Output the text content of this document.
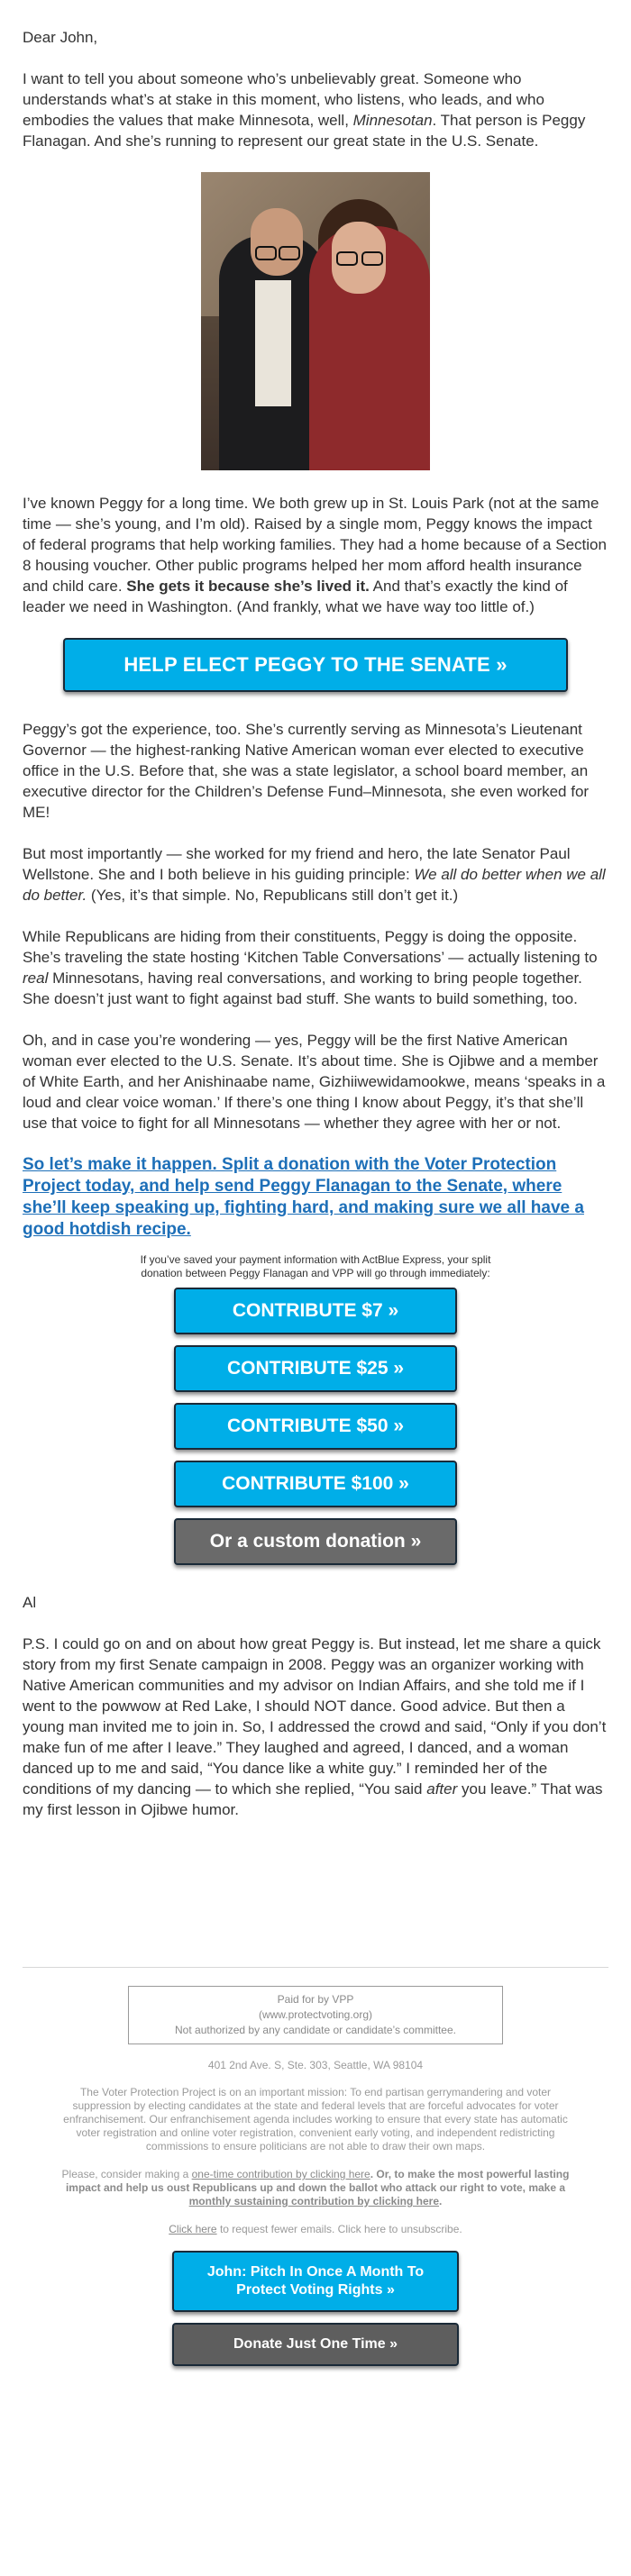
Dear John,

I want to tell you about someone who’s unbelievably great. Someone who understands what’s at stake in this moment, who listens, who leads, and who embodies the values that make Minnesota, well, Minnesotan. That person is Peggy Flanagan. And she’s running to represent our great state in the U.S. Senate.

I’ve known Peggy for a long time. We both grew up in St. Louis Park (not at the same time — she’s young, and I’m old). Raised by a single mom, Peggy knows the impact of federal programs that help working families. They had a home because of a Section 8 housing voucher. Other public programs helped her mom afford health insurance and child care. She gets it because she’s lived it. And that’s exactly the kind of leader we need in Washington. (And frankly, what we have way too little of.)

HELP ELECT PEGGY TO THE SENATE »

Peggy’s got the experience, too. She’s currently serving as Minnesota’s Lieutenant Governor — the highest-ranking Native American woman ever elected to executive office in the U.S. Before that, she was a state legislator, a school board member, an executive director for the Children’s Defense Fund–Minnesota, she even worked for ME!

But most importantly — she worked for my friend and hero, the late Senator Paul Wellstone. She and I both believe in his guiding principle: We all do better when we all do better. (Yes, it’s that simple. No, Republicans still don’t get it.)

While Republicans are hiding from their constituents, Peggy is doing the opposite. She’s traveling the state hosting ‘Kitchen Table Conversations’ — actually listening to real Minnesotans, having real conversations, and working to bring people together. She doesn’t just want to fight against bad stuff. She wants to build something, too.

Oh, and in case you’re wondering — yes, Peggy will be the first Native American woman ever elected to the U.S. Senate. It’s about time. She is Ojibwe and a member of White Earth, and her Anishinaabe name, Gizhiiwewidamookwe, means ‘speaks in a loud and clear voice woman.’ If there’s one thing I know about Peggy, it’s that she’ll use that voice to fight for all Minnesotans — whether they agree with her or not.

So let’s make it happen. Split a donation with the Voter Protection Project today, and help send Peggy Flanagan to the Senate, where she’ll keep speaking up, fighting hard, and making sure we all have a good hotdish recipe.

If you’ve saved your payment information with ActBlue Express, your split donation between Peggy Flanagan and VPP will go through immediately:
CONTRIBUTE $7 »
CONTRIBUTE $25 »
CONTRIBUTE $50 »
CONTRIBUTE $100 »
Or a custom donation »

Al

P.S. I could go on and on about how great Peggy is. But instead, let me share a quick story from my first Senate campaign in 2008. Peggy was an organizer working with Native American communities and my advisor on Indian Affairs, and she told me if I went to the powwow at Red Lake, I should NOT dance. Good advice. But then a young man invited me to join in. So, I addressed the crowd and said, “Only if you don’t make fun of me after I leave.” They laughed and agreed, I danced, and a woman danced up to me and said, “You dance like a white guy.” I reminded her of the conditions of my dancing — to which she replied, “You said after you leave.” That was my first lesson in Ojibwe humor.

Paid for by VPP
(www.protectvoting.org)
Not authorized by any candidate or candidate’s committee.
401 2nd Ave. S, Ste. 303, Seattle, WA 98104
The Voter Protection Project is on an important mission: To end partisan gerrymandering and voter suppression by electing candidates at the state and federal levels that are forceful advocates for voter enfranchisement. Our enfranchisement agenda includes working to ensure that every state has automatic voter registration and online voter registration, convenient early voting, and independent redistricting commissions to ensure politicians are not able to draw their own maps.
Please, consider making a one-time contribution by clicking here. Or, to make the most powerful lasting impact and help us oust Republicans up and down the ballot who attack our right to vote, make a monthly sustaining contribution by clicking here.
Click here to request fewer emails. Click here to unsubscribe.
John: Pitch In Once A Month To Protect Voting Rights »
Donate Just One Time »
